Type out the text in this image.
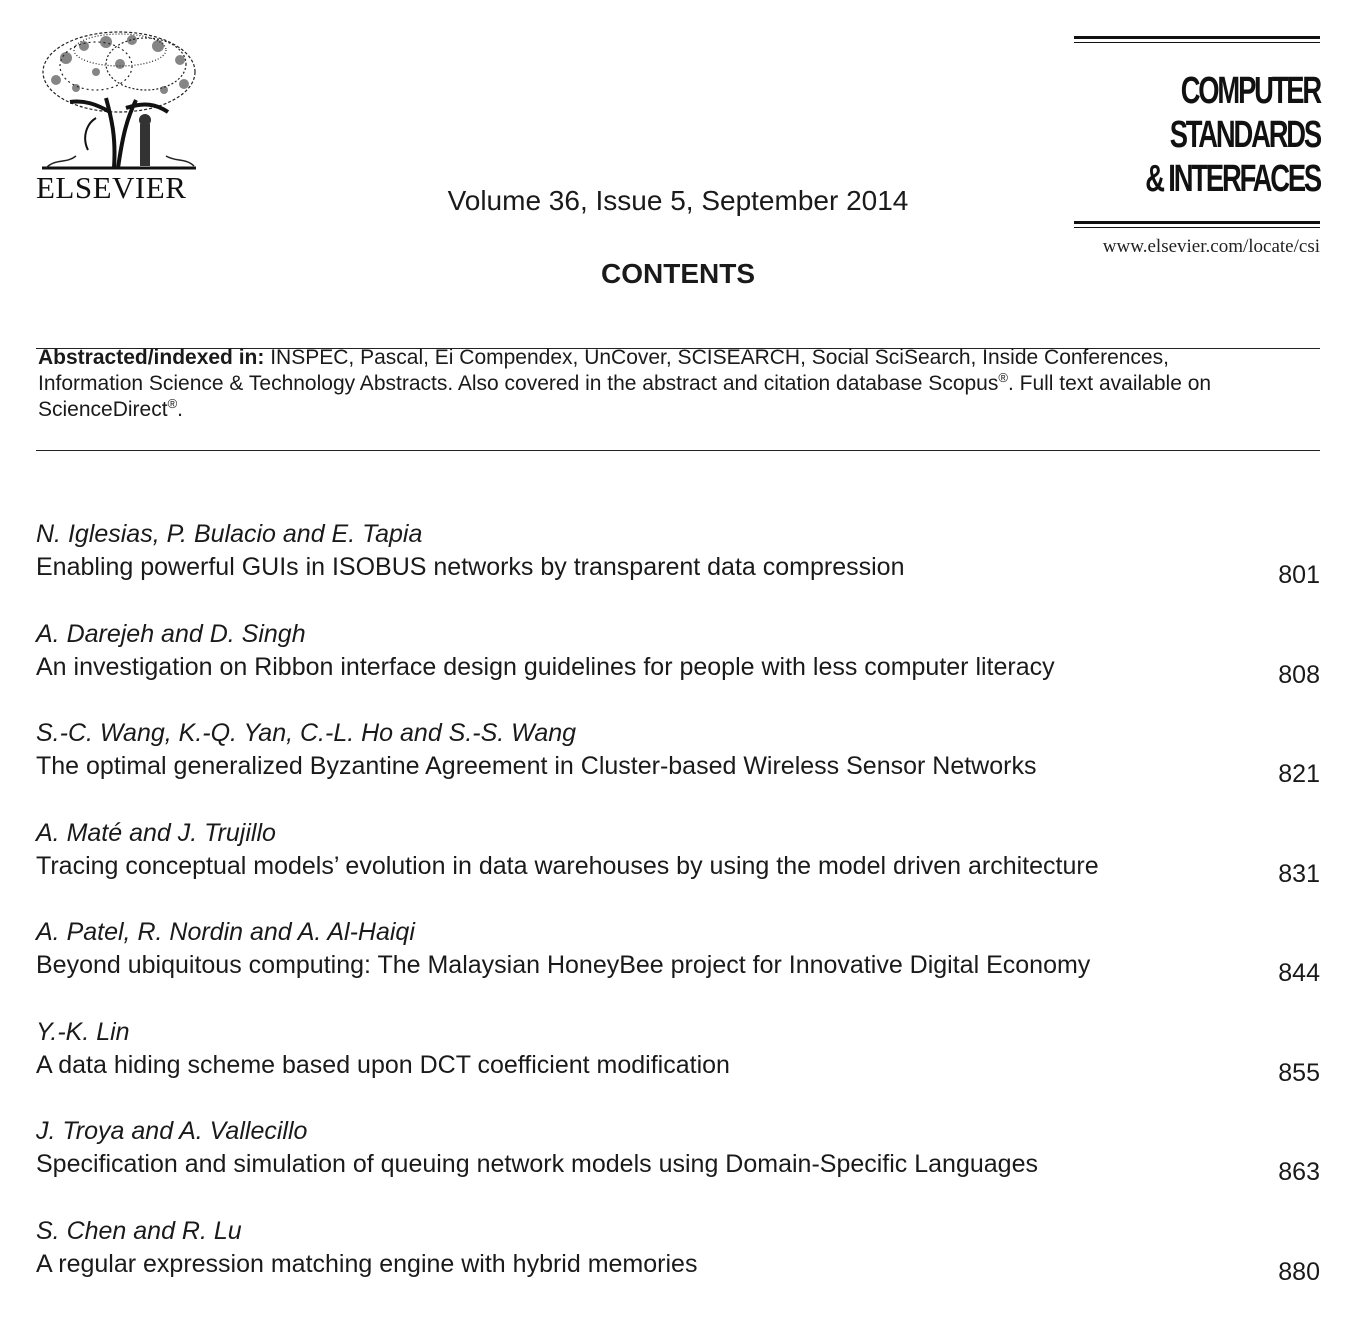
ELSEVIER
COMPUTER STANDARDS
& INTERFACES
www.elsevier.com/locate/csi
Volume 36, Issue 5, September 2014
CONTENTS
Abstracted/indexed in: INSPEC, Pascal, Ei Compendex, UnCover, SCISEARCH, Social SciSearch, Inside Conferences, Information Science & Technology Abstracts. Also covered in the abstract and citation database Scopus®. Full text available on ScienceDirect®.
N. Iglesias, P. Bulacio and E. Tapia
Enabling powerful GUIs in ISOBUS networks by transparent data compression	801
A. Darejeh and D. Singh
An investigation on Ribbon interface design guidelines for people with less computer literacy	808
S.-C. Wang, K.-Q. Yan, C.-L. Ho and S.-S. Wang
The optimal generalized Byzantine Agreement in Cluster-based Wireless Sensor Networks	821
A. Maté and J. Trujillo
Tracing conceptual models’ evolution in data warehouses by using the model driven architecture	831
A. Patel, R. Nordin and A. Al-Haiqi
Beyond ubiquitous computing: The Malaysian HoneyBee project for Innovative Digital Economy	844
Y.-K. Lin
A data hiding scheme based upon DCT coefficient modification	855
J. Troya and A. Vallecillo
Specification and simulation of queuing network models using Domain-Specific Languages	863
S. Chen and R. Lu
A regular expression matching engine with hybrid memories	880
